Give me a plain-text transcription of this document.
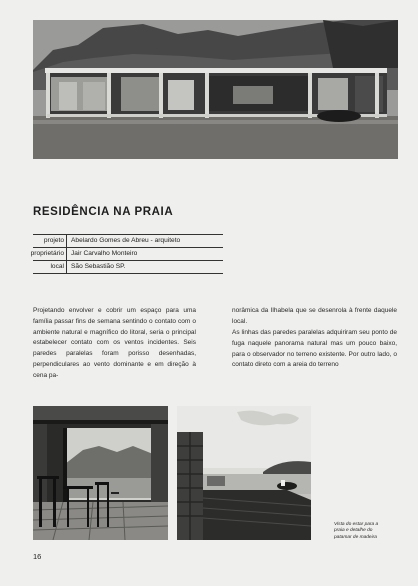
RESIDÊNCIA NA PRAIA
projeto Abelardo Gomes de Abreu - arquiteto
proprietário Jair Carvalho Monteiro
local São Sebastião SP.

Projetando envolver e cobrir um espaço para uma família passar fins de semana sentindo o contato com o ambiente natural e magnífico do litoral, seria o principal estabelecer contato com os ventos incidentes. Seis paredes paralelas foram porisso desenhadas, perpendiculares ao vento dominante e em direção à cena pa-

norâmica da Ilhabela que se desenrola à frente daquele local.

As linhas das paredes paralelas adquiriram seu ponto de fuga naquele panorama natural mas um pouco baixo, para o observador no terreno existente. Por outro lado, o contato direto com a areia do terreno

Vista do estar para a praia e detalhe do patamar de madeira

16
